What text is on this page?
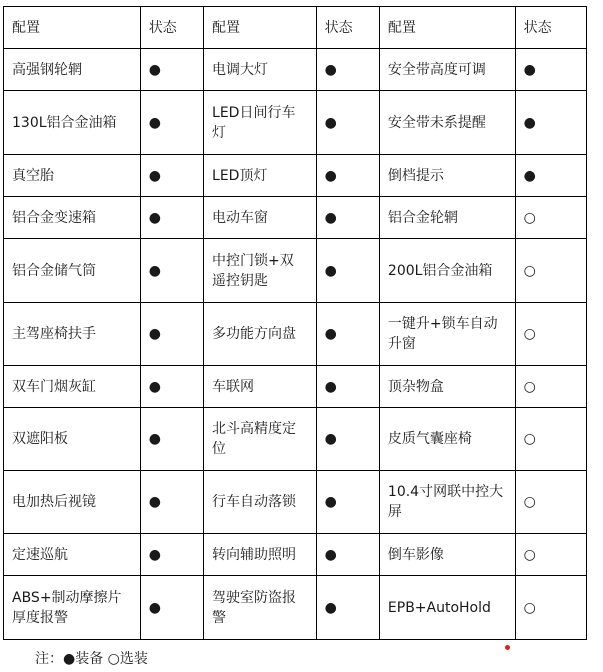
配置	状态	配置	状态	配置	状态
高强钢轮辋	●	电调大灯	●	安全带高度可调	●
130L铝合金油箱	●	LED日间行车灯	●	安全带未系提醒	●
真空胎	●	LED顶灯	●	倒档提示	●
铝合金变速箱	●	电动车窗	●	铝合金轮辋	○
铝合金储气筒	●	中控门锁+双遥控钥匙	●	200L铝合金油箱	○
主驾座椅扶手	●	多功能方向盘	●	一键升+锁车自动升窗	○
双车门烟灰缸	●	车联网	●	顶杂物盒	○
双遮阳板	●	北斗高精度定位	●	皮质气囊座椅	○
电加热后视镜	●	行车自动落锁	●	10.4寸网联中控大屏	○
定速巡航	●	转向辅助照明	●	倒车影像	○
ABS+制动摩擦片厚度报警	●	驾驶室防盗报警	●	EPB+AutoHold	○
注：●装备 ○选装
